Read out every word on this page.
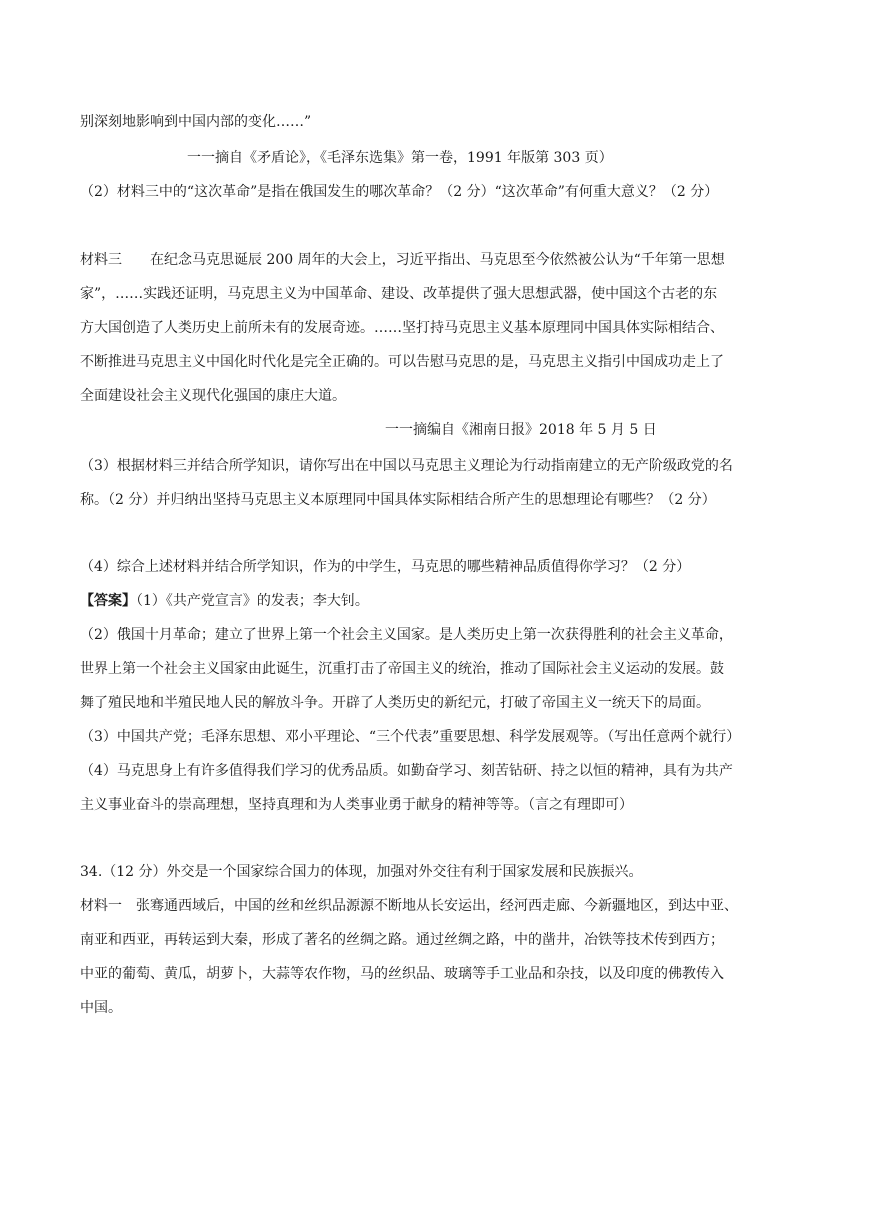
别深刻地影响到中国内部的变化……”
一一摘自《矛盾论》，《毛泽东选集》第一卷，1991 年版第 303 页）
（2）材料三中的“这次革命”是指在俄国发生的哪次革命？（2 分）“这次革命”有何重大意义？（2 分）
材料三　　在纪念马克思诞辰 200 周年的大会上，习近平指出、马克思至今依然被公认为“千年第一思想
家”，……实践还证明，马克思主义为中国革命、建设、改革提供了强大思想武器，使中国这个古老的东
方大国创造了人类历史上前所未有的发展奇迹。……坚打持马克思主义基本原理同中国具体实际相结合、
不断推进马克思主义中国化时代化是完全正确的。可以告慰马克思的是，马克思主义指引中国成功走上了
全面建设社会主义现代化强国的康庄大道。
一一摘编自《湘南日报》2018 年 5 月 5 日
（3）根据材料三并结合所学知识，请你写出在中国以马克思主义理论为行动指南建立的无产阶级政党的名
称。（2 分）并归纳出坚持马克思主义本原理同中国具体实际相结合所产生的思想理论有哪些？（2 分）
（4）综合上述材料并结合所学知识，作为的中学生，马克思的哪些精神品质值得你学习？（2 分）
【答案】（1）《共产党宣言》的发表；李大钊。
（2）俄国十月革命；建立了世界上第一个社会主义国家。是人类历史上第一次获得胜利的社会主义革命，
世界上第一个社会主义国家由此诞生，沉重打击了帝国主义的统治，推动了国际社会主义运动的发展。鼓
舞了殖民地和半殖民地人民的解放斗争。开辟了人类历史的新纪元，打破了帝国主义一统天下的局面。
（3）中国共产党；毛泽东思想、邓小平理论、“三个代表”重要思想、科学发展观等。（写出任意两个就行）
（4）马克思身上有许多值得我们学习的优秀品质。如勤奋学习、刻苦钻研、持之以恒的精神，具有为共产
主义事业奋斗的崇高理想，坚持真理和为人类事业勇于献身的精神等等。（言之有理即可）
34.（12 分）外交是一个国家综合国力的体现，加强对外交往有利于国家发展和民族振兴。
材料一　张骞通西域后，中国的丝和丝织品源源不断地从长安运出，经河西走廊、今新疆地区，到达中亚、
南亚和西亚，再转运到大秦，形成了著名的丝绸之路。通过丝绸之路，中的凿井，冶铁等技术传到西方；
中亚的葡萄、黄瓜，胡萝卜，大蒜等农作物，马的丝织品、玻璃等手工业品和杂技，以及印度的佛教传入
中国。
